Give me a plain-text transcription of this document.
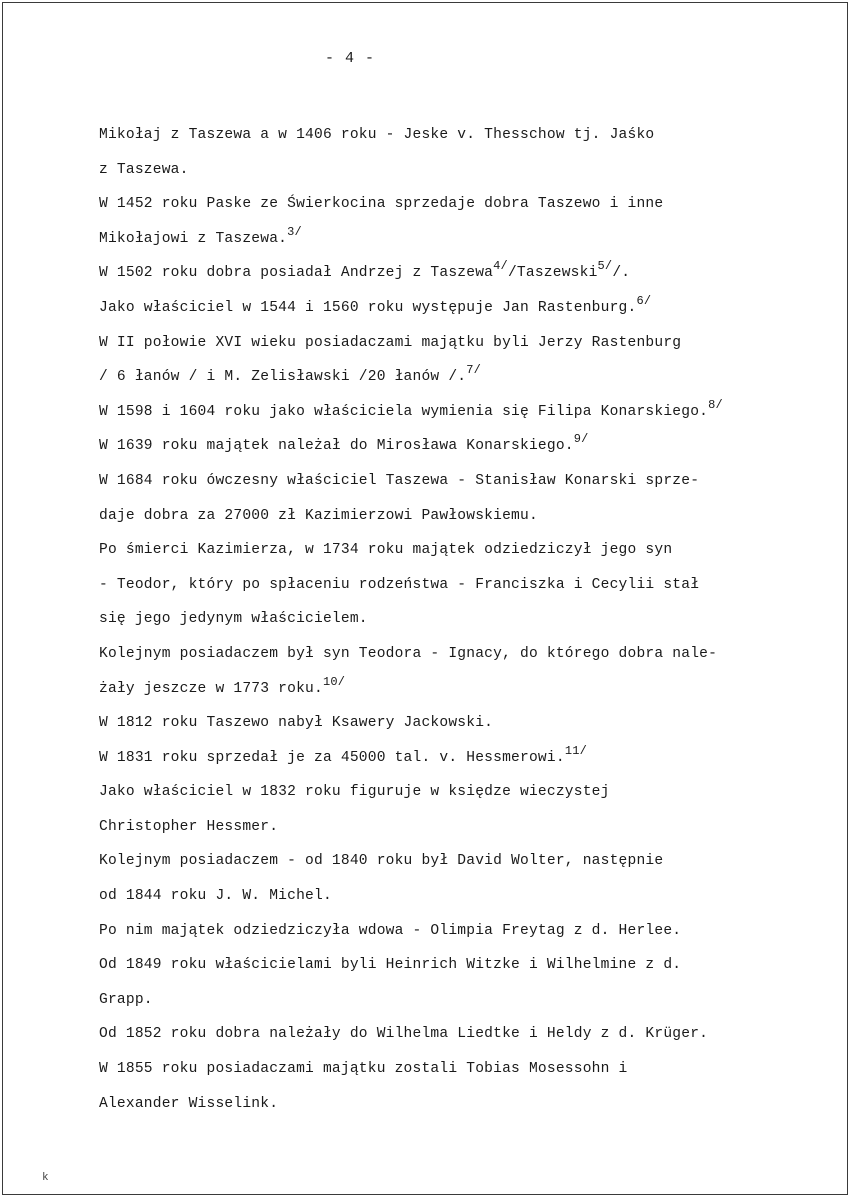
- 4 -
Mikołaj z Taszewa a w 1406 roku - Jeske v. Thesschow tj. Jaśko
z Taszewa.
W 1452 roku Paske ze Świerkocina sprzedaje dobra Taszewo i inne
Mikołajowi z Taszewa.$^{3/}$
W 1502 roku dobra posiadał Andrzej z Taszewa$^{4/}$/Taszewski$^{5/}$/.
Jako właściciel w 1544 i 1560 roku występuje Jan Rastenburg.$^{6/}$
W II połowie XVI wieku posiadaczami majątku byli Jerzy Rastenburg
/ 6 łanów / i M. Zelisławski /20 łanów /.$^{7/}$
W 1598 i 1604 roku jako właściciela wymienia się Filipa Konarskiego.$^{8/}$
W 1639 roku majątek należał do Mirosława Konarskiego.$^{9/}$
W 1684 roku ówczesny właściciel Taszewa - Stanisław Konarski sprze-
daje dobra za 27000 zł Kazimierzowi Pawłowskiemu.
Po śmierci Kazimierza, w 1734 roku majątek odziedziczył jego syn
- Teodor, który po spłaceniu rodzeństwa - Franciszka i Cecylii stał
się jego jedynym właścicielem.
Kolejnym posiadaczem był syn Teodora - Ignacy, do którego dobra nale-
żały jeszcze w 1773 roku.$^{10/}$
W 1812 roku Taszewo nabył Ksawery Jackowski.
W 1831 roku sprzedał je za 45000 tal. v. Hessmerowi.$^{11/}$
Jako właściciel w 1832 roku figuruje w księdze wieczystej
Christopher Hessmer.
Kolejnym posiadaczem - od 1840 roku był David Wolter, następnie
od 1844 roku J. W. Michel.
Po nim majątek odziedziczyła wdowa - Olimpia Freytag z d. Herlee.
Od 1849 roku właścicielami byli Heinrich Witzke i Wilhelmine z d.
Grapp.
Od 1852 roku dobra należały do Wilhelma Liedtke i Heldy z d. Krüger.
W 1855 roku posiadaczami majątku zostali Tobias Mosessohn i
Alexander Wisselink.
k
